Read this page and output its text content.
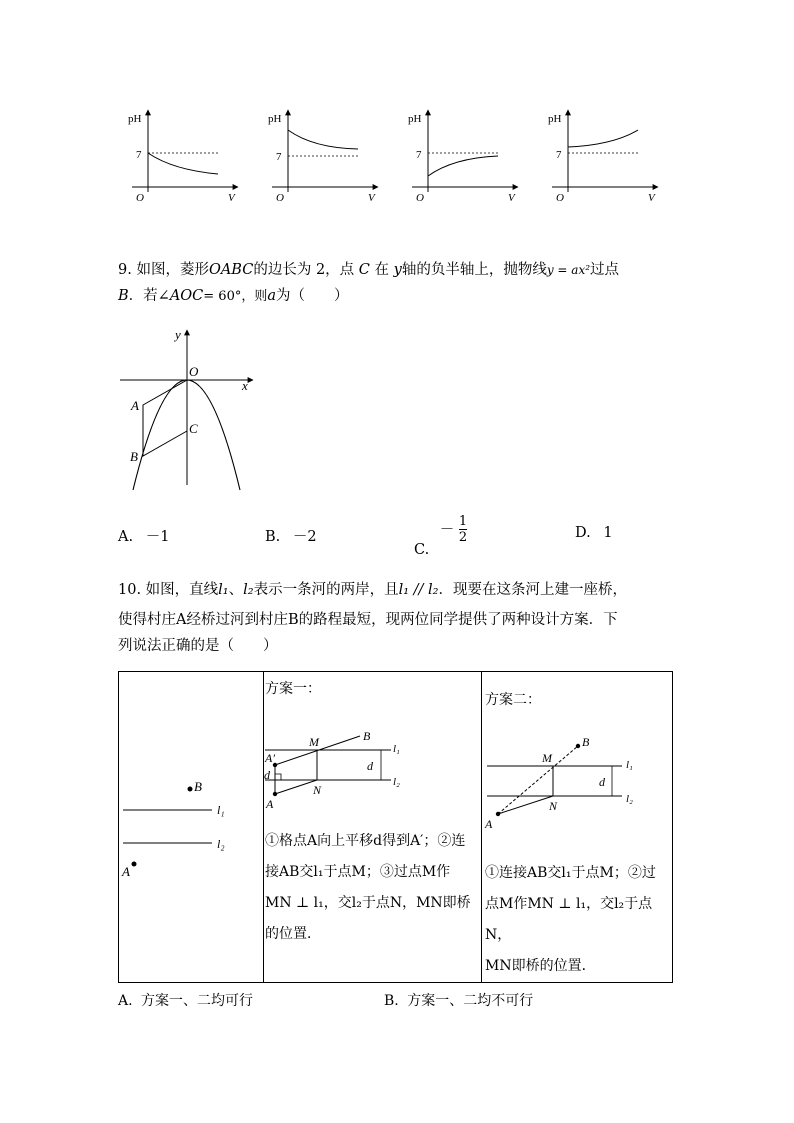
pH
7
O	V
pH
7
O	V
pH
7
O	V
pH
7
O	V
9. 如图，菱形OABC的边长为 2，点 C 在 y轴的负半轴上，抛物线y = ax²过点
B．若∠AOC= 60°，则a为（　　）
y
x
O
A
B
C
A. －1	B. －2
C. － $\frac{1}{2}$	D. 1
10. 如图，直线l₁、l₂表示一条河的两岸，且l₁ // l₂．现要在这条河上建一座桥，
使得村庄A经桥过河到村庄B的路程最短，现两位同学提供了两种设计方案．下
列说法正确的是（　　）
B
A
l₁
l₂
方案一：
M	B
l₁
A′
d
d
l₂
A
N
①格点A向上平移d得到A′；②连
接AB交l₁于点M；③过点M作
MN ⊥ l₁，交l₂于点N，MN即桥
的位置．
方案二：
M
B
l₁
d
l₂
A
N
①连接AB交l₁于点M；②过
点M作MN ⊥ l₁，交l₂于点N，
MN即桥的位置．
A. 方案一、二均可行	B. 方案一、二均不可行
